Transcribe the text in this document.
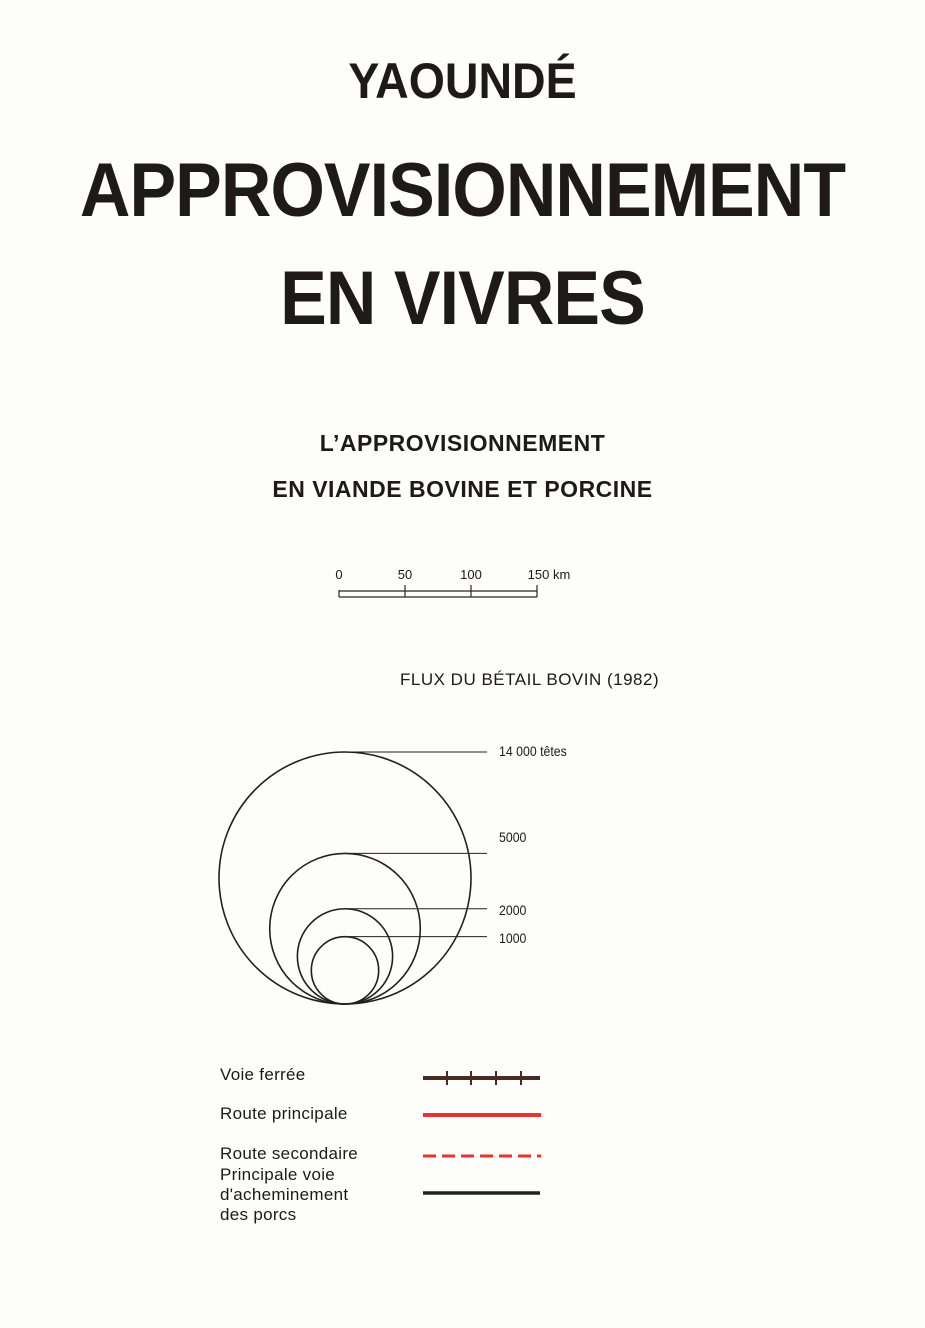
YAOUNDÉ
APPROVISIONNEMENT
EN VIVRES
L’APPROVISIONNEMENT
EN VIANDE BOVINE ET PORCINE
0	50	100	150 km
FLUX DU BÉTAIL BOVIN (1982)
14 000 têtes
5000
2000
1000
Voie ferrée
Route principale
Route secondaire
Principale voie
d'acheminement
des porcs
